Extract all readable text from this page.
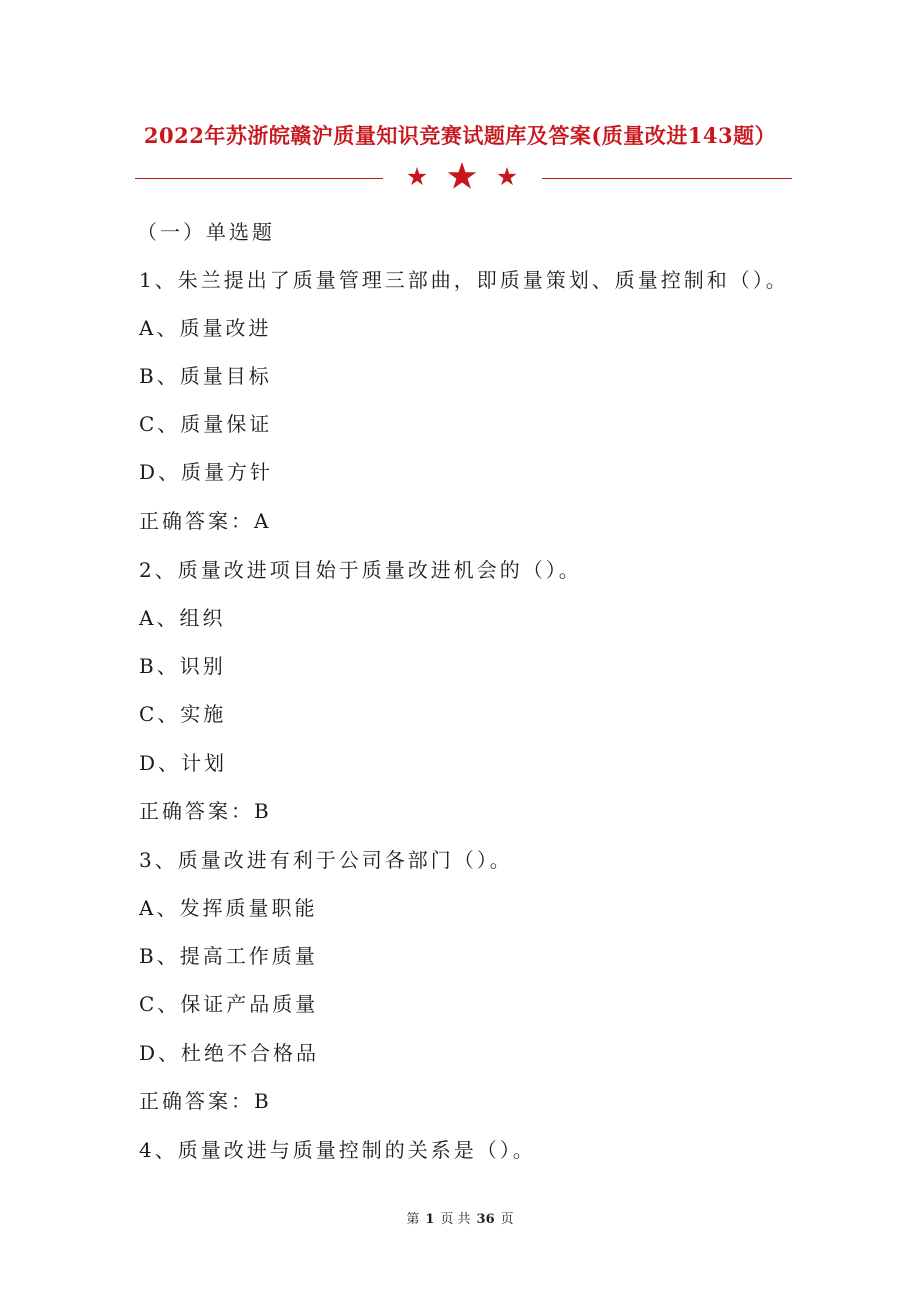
2022年苏浙皖赣沪质量知识竞赛试题库及答案(质量改进143题）
（一）单选题
1、朱兰提出了质量管理三部曲，即质量策划、质量控制和（）。
A、质量改进
B、质量目标
C、质量保证
D、质量方针
正确答案：A
2、质量改进项目始于质量改进机会的（）。
A、组织
B、识别
C、实施
D、计划
正确答案：B
3、质量改进有利于公司各部门（）。
A、发挥质量职能
B、提高工作质量
C、保证产品质量
D、杜绝不合格品
正确答案：B
4、质量改进与质量控制的关系是（）。
第 1 页 共 36 页
